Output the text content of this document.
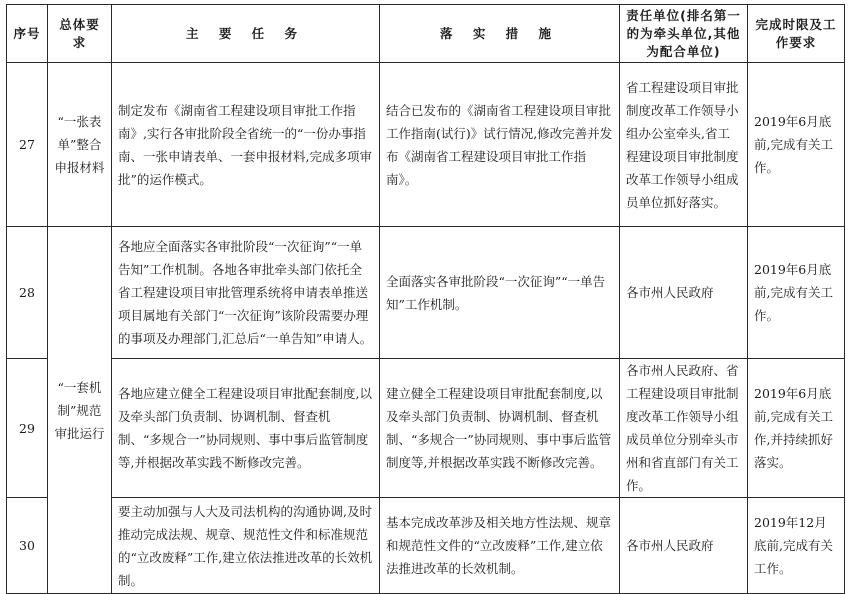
序号	总体要求	主 要 任 务	落 实 措 施	责任单位(排名第一的为牵头单位,其他为配合单位)	完成时限及工作要求
27	“一张表单”整合申报材料	制定发布《湖南省工程建设项目审批工作指南》,实行各审批阶段全省统一的“一份办事指南、一张申请表单、一套申报材料,完成多项审批”的运作模式。	结合已发布的《湖南省工程建设项目审批工作指南(试行)》试行情况,修改完善并发布《湖南省工程建设项目审批工作指南》。	省工程建设项目审批制度改革工作领导小组办公室牵头,省工程建设项目审批制度改革工作领导小组成员单位抓好落实。	2019年6月底前,完成有关工作。
28	“一套机制”规范审批运行	各地应全面落实各审批阶段“一次征询”“一单告知”工作机制。各地各审批牵头部门依托全省工程建设项目审批管理系统将申请表单推送项目属地有关部门“一次征询”该阶段需要办理的事项及办理部门,汇总后“一单告知”申请人。	全面落实各审批阶段“一次征询”“一单告知”工作机制。	各市州人民政府	2019年6月底前,完成有关工作。
29		各地应建立健全工程建设项目审批配套制度,以及牵头部门负责制、协调机制、督查机制、“多规合一”协同规则、事中事后监管制度等,并根据改革实践不断修改完善。	建立健全工程建设项目审批配套制度,以及牵头部门负责制、协调机制、督查机制、“多规合一”协同规则、事中事后监管制度等,并根据改革实践不断修改完善。	各市州人民政府、省工程建设项目审批制度改革工作领导小组成员单位分别牵头市州和省直部门有关工作。	2019年6月底前,完成有关工作,并持续抓好落实。
30		要主动加强与人大及司法机构的沟通协调,及时推动完成法规、规章、规范性文件和标准规范的“立改废释”工作,建立依法推进改革的长效机制。	基本完成改革涉及相关地方性法规、规章和规范性文件的“立改废释”工作,建立依法推进改革的长效机制。	各市州人民政府	2019年12月底前,完成有关工作。
